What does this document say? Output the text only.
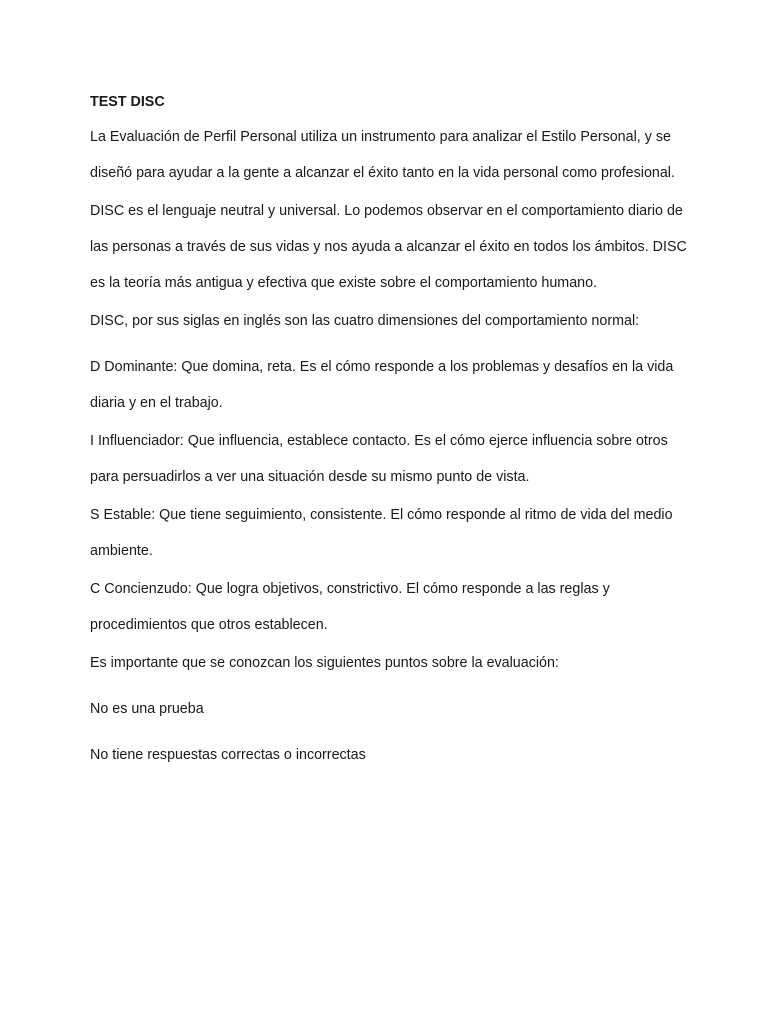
TEST DISC

La Evaluación de Perfil Personal utiliza un instrumento para analizar el Estilo Personal, y se diseñó para ayudar a la gente a alcanzar el éxito tanto en la vida personal como profesional.

DISC es el lenguaje neutral y universal. Lo podemos observar en el comportamiento diario de las personas a través de sus vidas y nos ayuda a alcanzar el éxito en todos los ámbitos. DISC es la teoría más antigua y efectiva que existe sobre el comportamiento humano.

DISC, por sus siglas en inglés son las cuatro dimensiones del comportamiento normal:

D Dominante: Que domina, reta. Es el cómo responde a los problemas y desafíos en la vida diaria y en el trabajo.

I Influenciador: Que influencia, establece contacto. Es el cómo ejerce influencia sobre otros para persuadirlos a ver una situación desde su mismo punto de vista.

S Estable: Que tiene seguimiento, consistente. El cómo responde al ritmo de vida del medio ambiente.

C Concienzudo: Que logra objetivos, constrictivo. El cómo responde a las reglas y procedimientos que otros establecen.

Es importante que se conozcan los siguientes puntos sobre la evaluación:

No es una prueba

No tiene respuestas correctas o incorrectas
